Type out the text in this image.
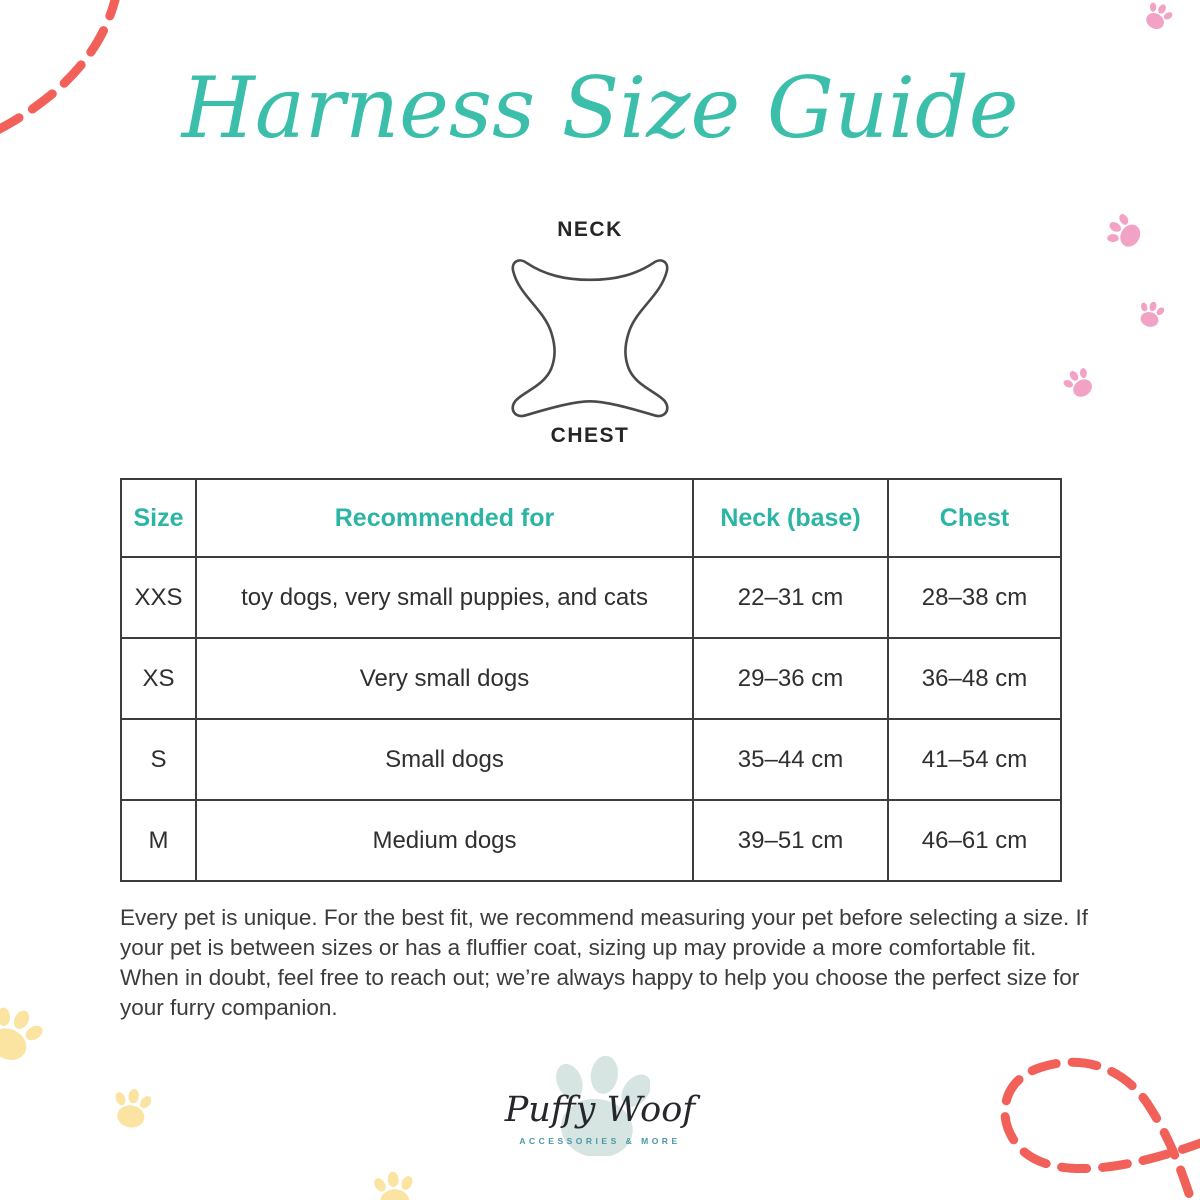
Harness Size Guide
NECK
CHEST
Size	Recommended for	Neck (base)	Chest
XXS	toy dogs, very small puppies, and cats	22–31 cm	28–38 cm
XS	Very small dogs	29–36 cm	36–48 cm
S	Small dogs	35–44 cm	41–54 cm
M	Medium dogs	39–51 cm	46–61 cm

Every pet is unique. For the best fit, we recommend measuring your pet before selecting a size. If your pet is between sizes or has a fluffier coat, sizing up may provide a more comfortable fit. When in doubt, feel free to reach out; we’re always happy to help you choose the perfect size for your furry companion.

Puffy Woof
ACCESSORIES & MORE
